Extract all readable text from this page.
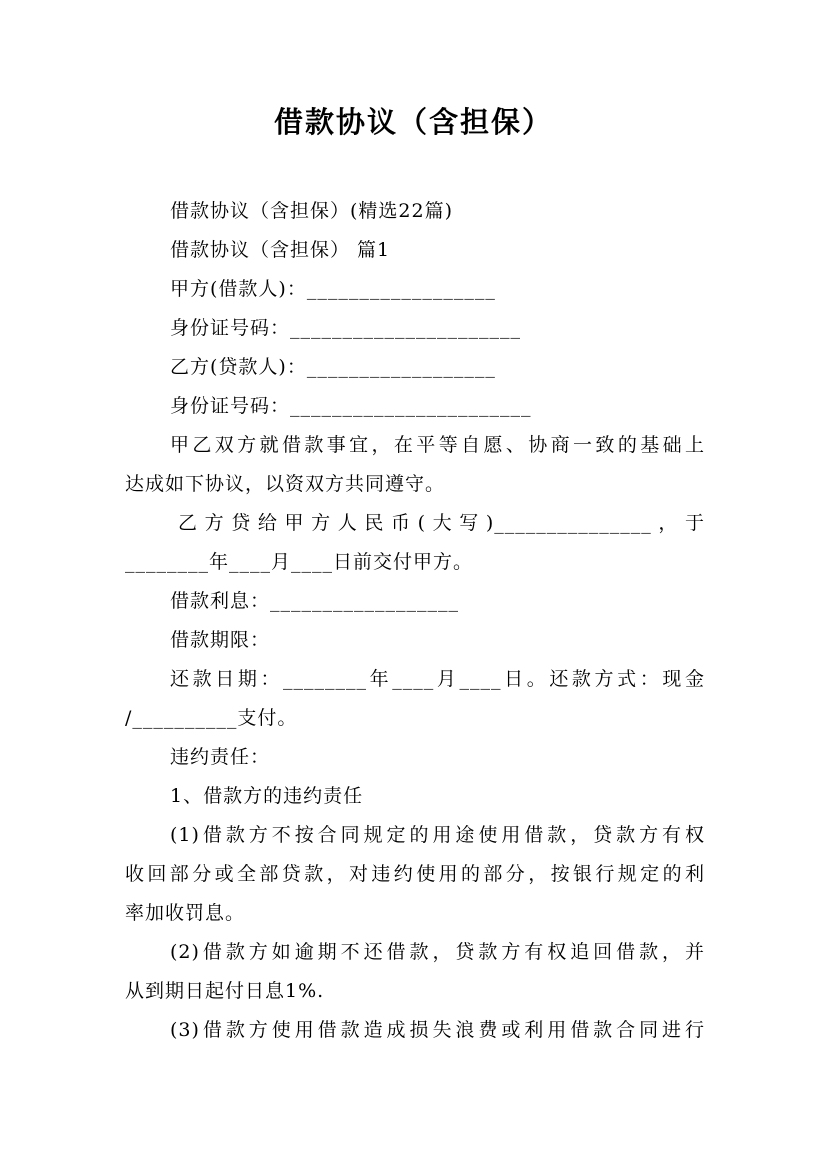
借款协议（含担保）
借款协议（含担保）(精选22篇)
借款协议（含担保） 篇1
甲方(借款人)：__________________
身份证号码：______________________
乙方(贷款人)：__________________
身份证号码：_______________________
甲乙双方就借款事宜，在平等自愿、协商一致的基础上
达成如下协议，以资双方共同遵守。
乙方贷给甲方人民币(大写)_______________，于
________年____月____日前交付甲方。
借款利息：__________________
借款期限：
还款日期：________年____月____日。还款方式：现金
/__________支付。
违约责任：
1、借款方的违约责任
(1)借款方不按合同规定的用途使用借款，贷款方有权
收回部分或全部贷款，对违约使用的部分，按银行规定的利
率加收罚息。
(2)借款方如逾期不还借款，贷款方有权追回借款，并
从到期日起付日息1%.
(3)借款方使用借款造成损失浪费或利用借款合同进行
